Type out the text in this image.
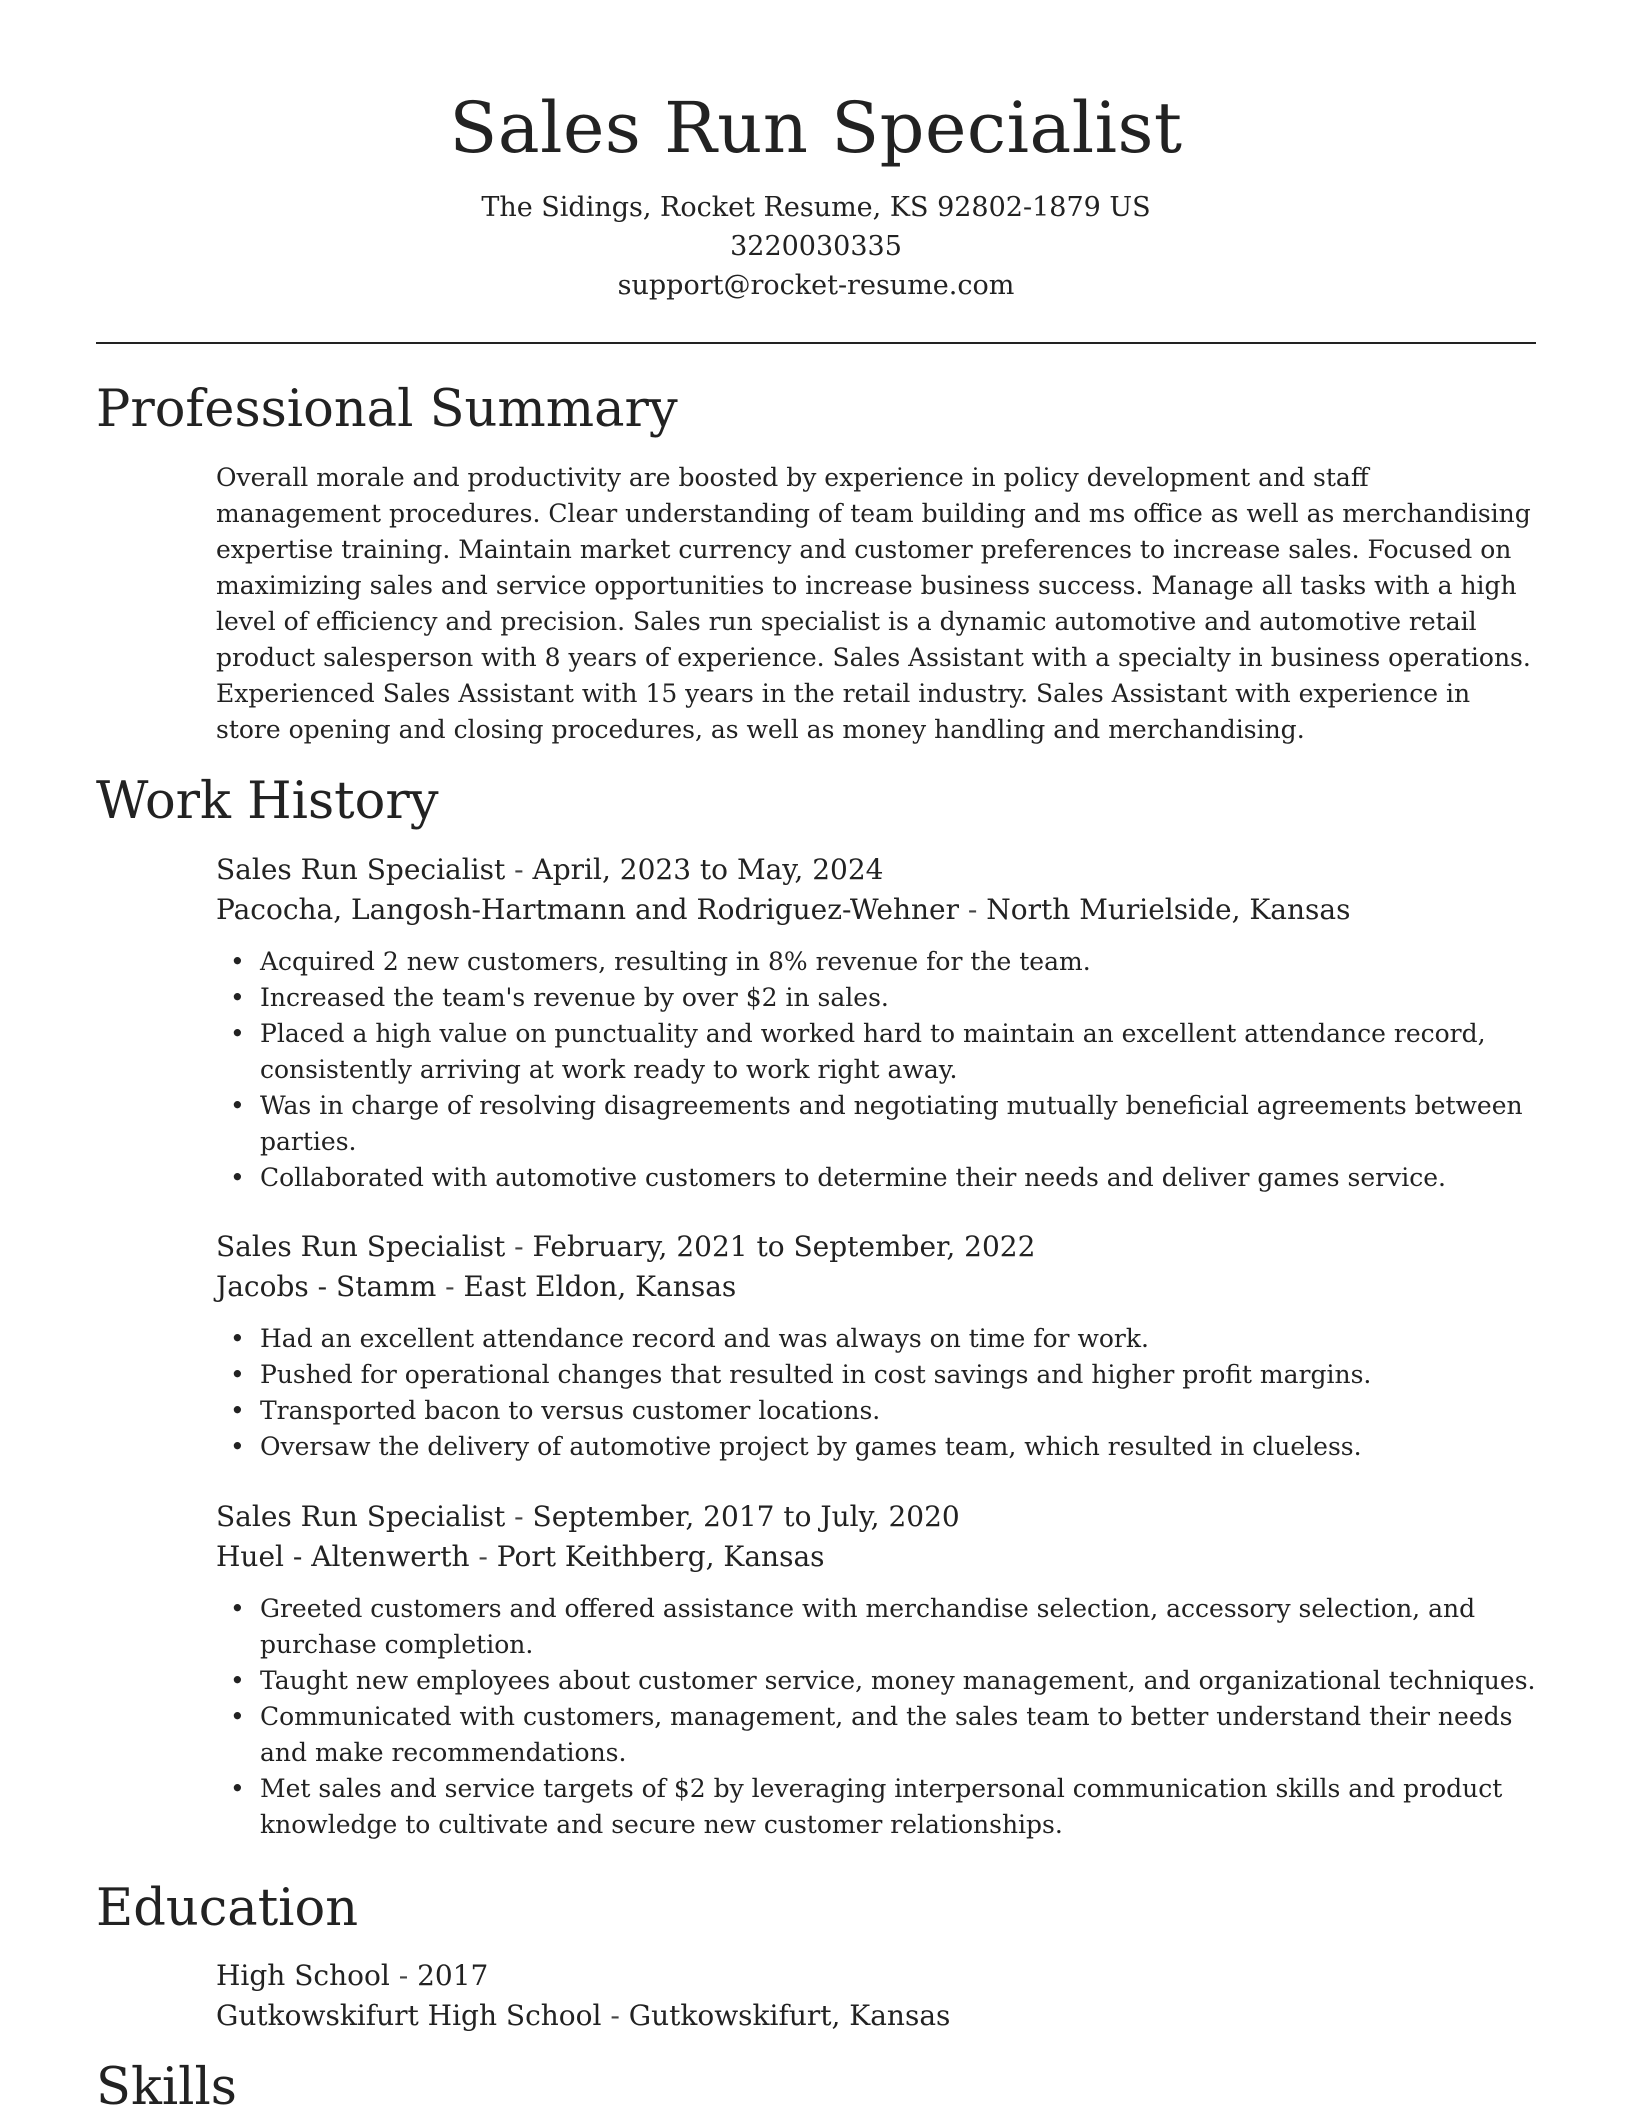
Sales Run Specialist
The Sidings, Rocket Resume, KS 92802-1879 US
3220030335
support@rocket-resume.com
Professional Summary

Overall morale and productivity are boosted by experience in policy development and staff management procedures. Clear understanding of team building and ms office as well as merchandising expertise training. Maintain market currency and customer preferences to increase sales. Focused on maximizing sales and service opportunities to increase business success. Manage all tasks with a high level of efficiency and precision. Sales run specialist is a dynamic automotive and automotive retail product salesperson with 8 years of experience. Sales Assistant with a specialty in business operations. Experienced Sales Assistant with 15 years in the retail industry. Sales Assistant with experience in store opening and closing procedures, as well as money handling and merchandising.

Work History
Sales Run Specialist - April, 2023 to May, 2024
Pacocha, Langosh-Hartmann and Rodriguez-Wehner - North Murielside, Kansas
• Acquired 2 new customers, resulting in 8% revenue for the team.
• Increased the team's revenue by over $2 in sales.
• Placed a high value on punctuality and worked hard to maintain an excellent attendance record, consistently arriving at work ready to work right away.
• Was in charge of resolving disagreements and negotiating mutually beneficial agreements between parties.
• Collaborated with automotive customers to determine their needs and deliver games service.
Sales Run Specialist - February, 2021 to September, 2022
Jacobs - Stamm - East Eldon, Kansas
• Had an excellent attendance record and was always on time for work.
• Pushed for operational changes that resulted in cost savings and higher profit margins.
• Transported bacon to versus customer locations.
• Oversaw the delivery of automotive project by games team, which resulted in clueless.
Sales Run Specialist - September, 2017 to July, 2020
Huel - Altenwerth - Port Keithberg, Kansas
• Greeted customers and offered assistance with merchandise selection, accessory selection, and purchase completion.
• Taught new employees about customer service, money management, and organizational techniques.
• Communicated with customers, management, and the sales team to better understand their needs and make recommendations.
• Met sales and service targets of $2 by leveraging interpersonal communication skills and product knowledge to cultivate and secure new customer relationships.
Education
High School - 2017
Gutkowskifurt High School - Gutkowskifurt, Kansas
Skills
